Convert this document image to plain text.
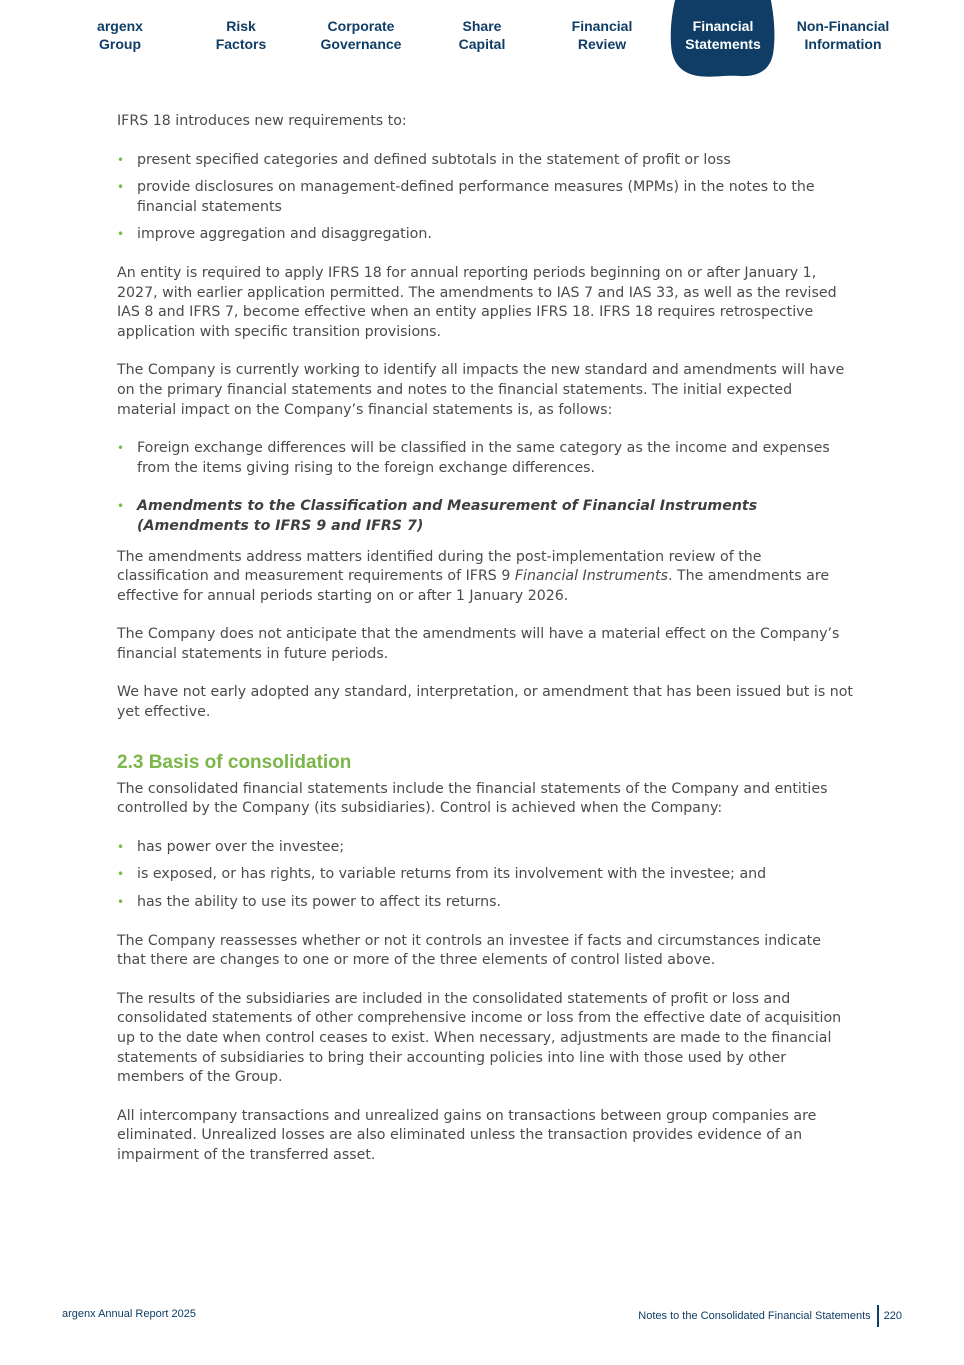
argenx
Group
Risk
Factors
Corporate
Governance
Share
Capital
Financial
Review
Financial
Statements
Non-Financial
Information

IFRS 18 introduces new requirements to:

• present specified categories and defined subtotals in the statement of profit or loss
• provide disclosures on management-defined performance measures (MPMs) in the notes to the financial statements
• improve aggregation and disaggregation.

An entity is required to apply IFRS 18 for annual reporting periods beginning on or after January 1, 2027, with earlier application permitted. The amendments to IAS 7 and IAS 33, as well as the revised IAS 8 and IFRS 7, become effective when an entity applies IFRS 18. IFRS 18 requires retrospective application with specific transition provisions.

The Company is currently working to identify all impacts the new standard and amendments will have on the primary financial statements and notes to the financial statements. The initial expected material impact on the Company’s financial statements is, as follows:

• Foreign exchange differences will be classified in the same category as the income and expenses from the items giving rising to the foreign exchange differences.
• Amendments to the Classification and Measurement of Financial Instruments (Amendments to IFRS 9 and IFRS 7)

The amendments address matters identified during the post-implementation review of the classification and measurement requirements of IFRS 9 Financial Instruments. The amendments are effective for annual periods starting on or after 1 January 2026.

The Company does not anticipate that the amendments will have a material effect on the Company’s financial statements in future periods.

We have not early adopted any standard, interpretation, or amendment that has been issued but is not yet effective.

2.3 Basis of consolidation

The consolidated financial statements include the financial statements of the Company and entities controlled by the Company (its subsidiaries). Control is achieved when the Company:

• has power over the investee;
• is exposed, or has rights, to variable returns from its involvement with the investee; and
• has the ability to use its power to affect its returns.

The Company reassesses whether or not it controls an investee if facts and circumstances indicate that there are changes to one or more of the three elements of control listed above.

The results of the subsidiaries are included in the consolidated statements of profit or loss and consolidated statements of other comprehensive income or loss from the effective date of acquisition up to the date when control ceases to exist. When necessary, adjustments are made to the financial statements of subsidiaries to bring their accounting policies into line with those used by other members of the Group.

All intercompany transactions and unrealized gains on transactions between group companies are eliminated. Unrealized losses are also eliminated unless the transaction provides evidence of an impairment of the transferred asset.

argenx Annual Report 2025	Notes to the Consolidated Financial Statements 220
